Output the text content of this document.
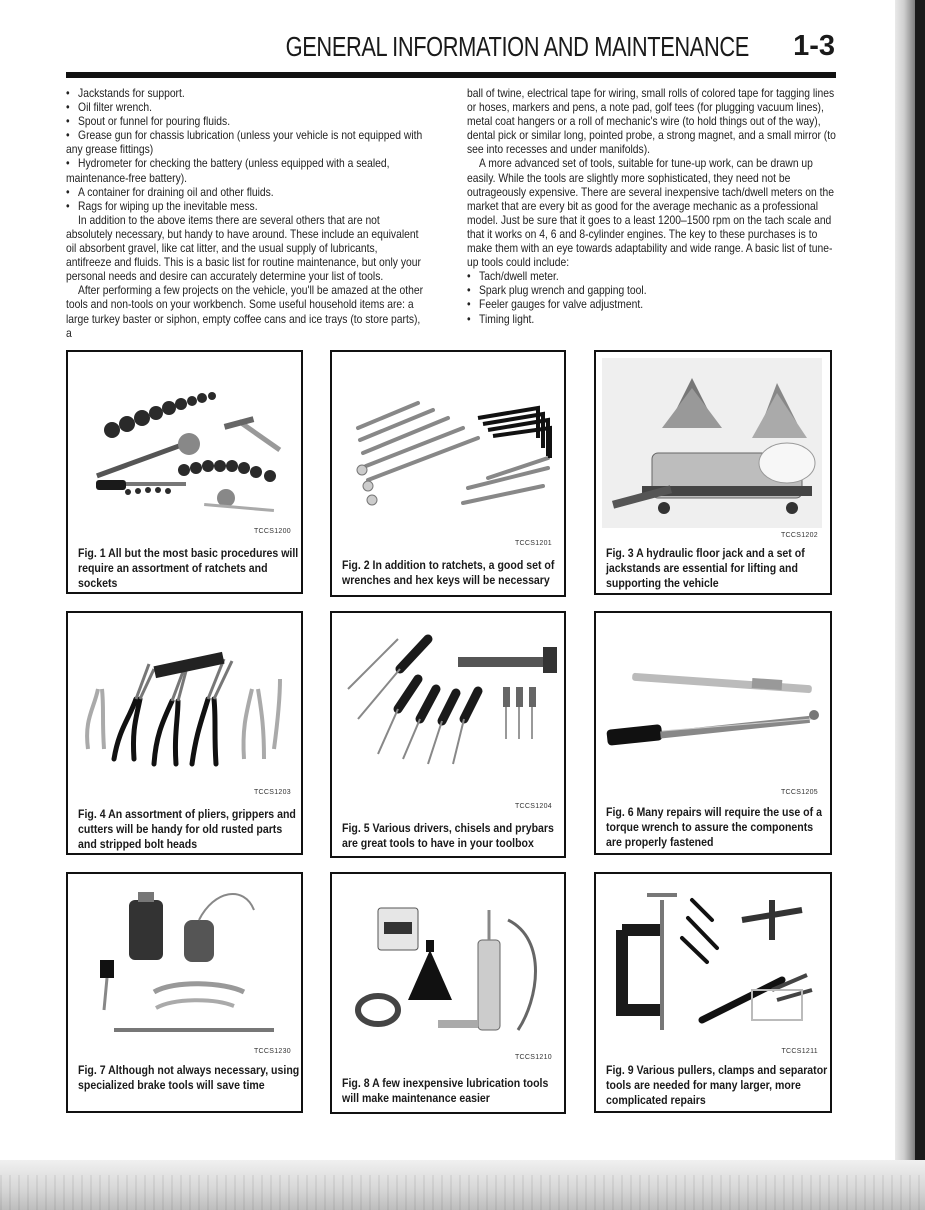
GENERAL INFORMATION AND MAINTENANCE 1-3
• Jackstands for support.
• Oil filter wrench.
• Spout or funnel for pouring fluids.
• Grease gun for chassis lubrication (unless your vehicle is not equipped with any grease fittings)
• Hydrometer for checking the battery (unless equipped with a sealed, maintenance-free battery).
• A container for draining oil and other fluids.
• Rags for wiping up the inevitable mess.

In addition to the above items there are several others that are not absolutely necessary, but handy to have around. These include an equivalent oil absorbent gravel, like cat litter, and the usual supply of lubricants, antifreeze and fluids. This is a basic list for routine maintenance, but only your personal needs and desire can accurately determine your list of tools.

After performing a few projects on the vehicle, you'll be amazed at the other tools and non-tools on your workbench. Some useful household items are: a large turkey baster or siphon, empty coffee cans and ice trays (to store parts), a

ball of twine, electrical tape for wiring, small rolls of colored tape for tagging lines or hoses, markers and pens, a note pad, golf tees (for plugging vacuum lines), metal coat hangers or a roll of mechanic's wire (to hold things out of the way), dental pick or similar long, pointed probe, a strong magnet, and a small mirror (to see into recesses and under manifolds).

A more advanced set of tools, suitable for tune-up work, can be drawn up easily. While the tools are slightly more sophisticated, they need not be outrageously expensive. There are several inexpensive tach/dwell meters on the market that are every bit as good for the average mechanic as a professional model. Just be sure that it goes to a least 1200–1500 rpm on the tach scale and that it works on 4, 6 and 8-cylinder engines. The key to these purchases is to make them with an eye towards adaptability and wide range. A basic list of tune-up tools could include:

• Tach/dwell meter.
• Spark plug wrench and gapping tool.
• Feeler gauges for valve adjustment.
• Timing light.
TCCS1200
Fig. 1 All but the most basic procedures will require an assortment of ratchets and sockets
TCCS1201
Fig. 2 In addition to ratchets, a good set of wrenches and hex keys will be necessary
TCCS1202
Fig. 3 A hydraulic floor jack and a set of jackstands are essential for lifting and supporting the vehicle
TCCS1203
Fig. 4 An assortment of pliers, grippers and cutters will be handy for old rusted parts and stripped bolt heads
TCCS1204
Fig. 5 Various drivers, chisels and prybars are great tools to have in your toolbox
TCCS1205
Fig. 6 Many repairs will require the use of a torque wrench to assure the components are properly fastened
TCCS1230
Fig. 7 Although not always necessary, using specialized brake tools will save time
TCCS1210
Fig. 8 A few inexpensive lubrication tools will make maintenance easier
TCCS1211
Fig. 9 Various pullers, clamps and separator tools are needed for many larger, more complicated repairs
